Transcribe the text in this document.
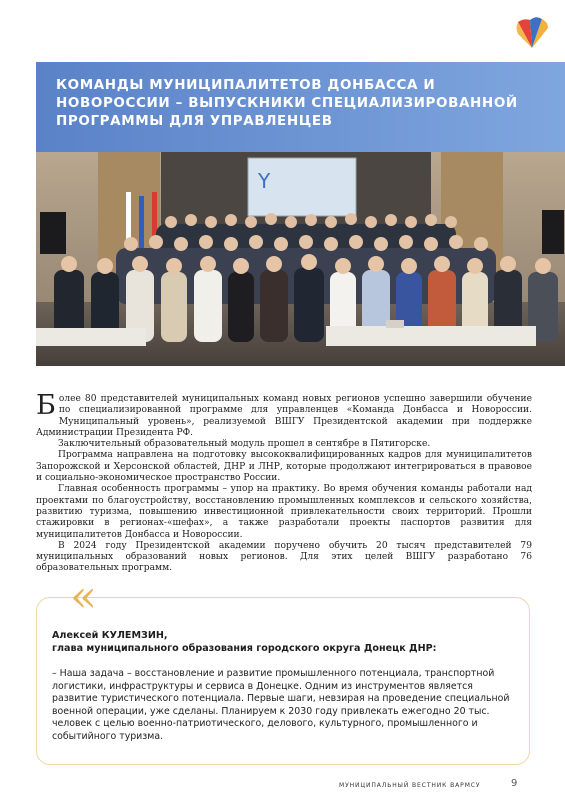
КОМАНДЫ МУНИЦИПАЛИТЕТОВ ДОНБАССА И НОВОРОССИИ – ВЫПУСКНИКИ СПЕЦИАЛИЗИРОВАННОЙ ПРОГРАММЫ ДЛЯ УПРАВЛЕНЦЕВ
Y

Более 80 представителей муниципальных команд новых регионов успешно завершили обучение по специализированной программе для управленцев «Команда Донбасса и Новороссии. Муниципальный уровень», реализуемой ВШГУ Президентской академии при поддержке Администрации Президента РФ.

Заключительный образовательный модуль прошел в сентябре в Пятигорске.

Программа направлена на подготовку высококвалифицированных кадров для муниципалитетов Запорожской и Херсонской областей, ДНР и ЛНР, которые продолжают интегрироваться в правовое и социально-экономическое пространство России.

Главная особенность программы – упор на практику. Во время обучения команды работали над проектами по благоустройству, восстановлению промышленных комплексов и сельского хозяйства, развитию туризма, повышению инвестиционной привлекательности своих территорий. Прошли стажировки в регионах-«шефах», а также разработали проекты паспортов развития для муниципалитетов Донбасса и Новороссии.

В 2024 году Президентской академии поручено обучить 20 тысяч представителей 79 муниципальных образований новых регионов. Для этих целей ВШГУ разработано 76 образовательных программ.

«
Алексей КУЛЕМЗИН,
глава муниципального образования городского округа Донецк ДНР:

– Наша задача – восстановление и развитие промышленного потенциала, транспортной логистики, инфраструктуры и сервиса в Донецке. Одним из инструментов является развитие туристического потенциала. Первые шаги, невзирая на проведение специальной военной операции, уже сделаны. Планируем к 2030 году привлекать ежегодно 20 тыс. человек с целью военно-патриотического, делового, культурного, промышленного и событийного туризма.

МУНИЦИПАЛЬНЫЙ ВЕСТНИК ВАРМСУ	9
